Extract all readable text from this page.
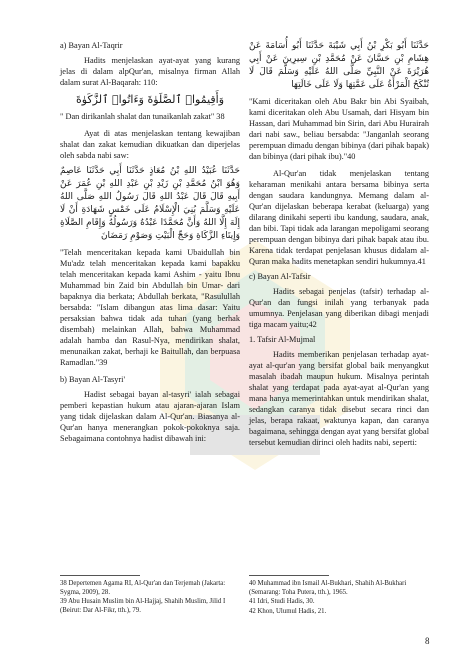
a) Bayan Al-Taqrir

Hadits menjelaskan ayat-ayat yang kurang jelas di dalam alpQur'an, misalnya firman Allah dalam surat Al-Baqarah: 110:

وَأَقِيمُوا۟ ٱلصَّلَوٰةَ وَءَاتُوا۟ ٱلزَّكَوٰةَ

" Dan dirikanlah shalat dan tunaikanlah zakat" 38

Ayat di atas menjelaskan tentang kewajiban shalat dan zakat kemudian dikuatkan dan diperjelas oleh sabda nabi saw:

حَدَّثَنَا عُبَيْدُ اللهِ بْنُ مُعَاذٍ حَدَّثَنَا أَبِي حَدَّثَنَا عَاصِمٌ وَهُوَ ابْنُ مُحَمَّدِ بْنِ زَيْدِ بْنِ عَبْدِ اللهِ بْنِ عُمَرَ عَنْ أَبِيهِ قَالَ قَالَ عَبْدُ اللهِ قَالَ رَسُولُ اللهِ صَلَّى اللهُ عَلَيْهِ وَسَلَّمَ بُنِيَ الْإِسْلَامُ عَلَى خَمْسٍ شَهَادَةِ أَنْ لَا إِلَهَ إِلَّا اللهُ وَأَنَّ مُحَمَّدًا عَبْدُهُ وَرَسُولُهُ وَإِقَامِ الصَّلَاةِ وَإِيتَاءِ الزَّكَاةِ وَحَجِّ الْبَيْتِ وَصَوْمِ رَمَضَانَ

"Telah menceritakan kepada kami Ubaidullah bin Mu'adz telah menceritakan kepada kami bapakku telah menceritakan kepada kami Ashim - yaitu Ibnu Muhammad bin Zaid bin Abdullah bin Umar- dari bapaknya dia berkata; Abdullah berkata, "Rasulullah bersabda: "Islam dibangun atas lima dasar: Yaitu persaksian bahwa tidak ada tuhan (yang berhak disembah) melainkan Allah, bahwa Muhammad adalah hamba dan Rasul-Nya, mendirikan shalat, menunaikan zakat, berhaji ke Baitullah, dan berpuasa Ramadlan."39

b) Bayan Al-Tasyri'

Hadist sebagai bayan al-tasyri' ialah sebagai pemberi kepastian hukum atau ajaran-ajaran Islam yang tidak dijelaskan dalam Al-Qur'an. Biasanya al-Qur'an hanya menerangkan pokok-pokoknya saja. Sebagaimana contohnya hadist dibawah ini:

حَدَّثَنَا أَبُو بَكْرِ بْنُ أَبِي شَيْبَةَ حَدَّثَنَا أَبُو أُسَامَةَ عَنْ هِشَامِ بْنِ حَسَّانَ عَنْ مُحَمَّدِ بْنِ سِيرِينَ عَنْ أَبِي هُرَيْرَةَ عَنْ النَّبِيِّ صَلَّى اللهُ عَلَيْهِ وَسَلَّمَ قَالَ لَا تُنْكَحُ الْمَرْأَةُ عَلَى عَمَّتِهَا وَلَا عَلَى خَالَتِهَا

"Kami diceritakan oleh Abu Bakr bin Abi Syaibah, kami diceritakan oleh Abu Usamah, dari Hisyam bin Hassan, dari Muhammad bin Sirin, dari Abu Hurairah dari nabi saw., beliau bersabda: "Janganlah seorang perempuan dimadu dengan bibinya (dari pihak bapak) dan bibinya (dari pihak ibu)."40

Al-Qur'an tidak menjelaskan tentang keharaman menikahi antara bersama bibinya serta dengan saudara kandungnya. Memang dalam al-Qur'an dijelaskan beberapa kerabat (keluarga) yang dilarang dinikahi seperti ibu kandung, saudara, anak, dan bibi. Tapi tidak ada larangan mepoligami seorang perempuan dengan bibinya dari pihak bapak atau ibu. Karena tidak terdapat penjelasan khusus didalam al-Quran maka hadits menetapkan sendiri hukumnya.41

c) Bayan Al-Tafsir

Hadits sebagai penjelas (tafsir) terhadap al-Qur'an dan fungsi inilah yang terbanyak pada umumnya. Penjelasan yang diberikan dibagi menjadi tiga macam yaitu;42

1. Tafsir Al-Mujmal

Hadits memberikan penjelasan terhadap ayat-ayat al-qur'an yang bersifat global baik menyangkut masalah ibadah maupun hukum. Misalnya perintah shalat yang terdapat pada ayat-ayat al-Qur'an yang mana hanya memerintahkan untuk mendirikan shalat, sedangkan caranya tidak disebut secara rinci dan jelas, berapa rakaat, waktunya kapan, dan caranya bagaimana, sehingga dengan ayat yang bersifat global tersebut kemudian dirinci oleh hadits nabi, seperti:

38 Depertemen Agama RI, Al-Qur'an dan Terjemah (Jakarta: Sygma, 2009), 28.

39 Abu Husain Muslim bin Al-Hajjaj, Shahih Muslim, Jilid I (Beirut: Dar Al-Fikr, tth.), 79.

40 Muhammad ibn Ismail Al-Bukhari, Shahih Al-Bukhari (Semarang: Toha Putera, tth.), 1965.

41 Idri, Studi Hadis, 30.

42 Khon, Ulumul Hadis, 21.

8
